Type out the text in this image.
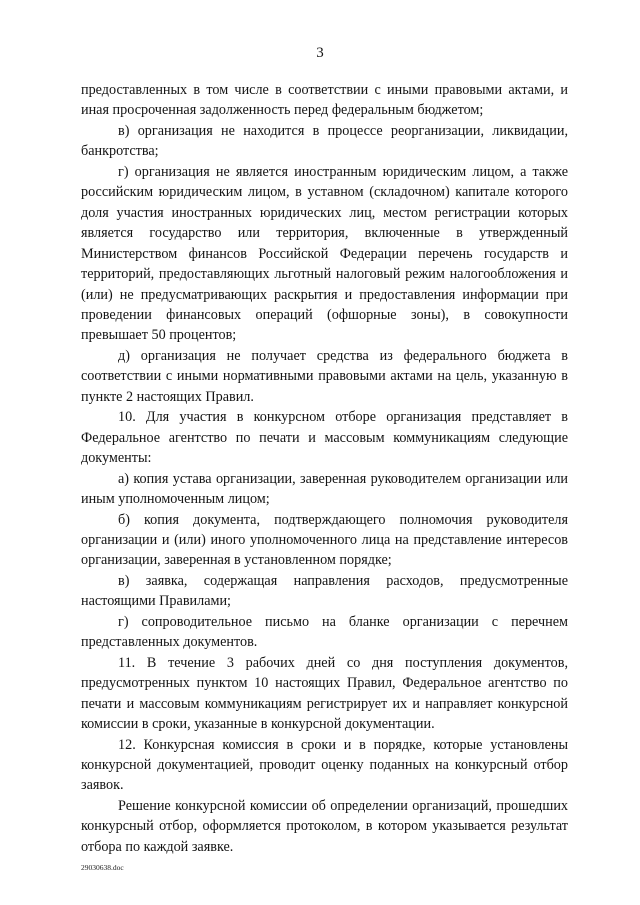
3

предоставленных в том числе в соответствии с иными правовыми актами, и иная просроченная задолженность перед федеральным бюджетом;

в) организация не находится в процессе реорганизации, ликвидации, банкротства;

г) организация не является иностранным юридическим лицом, а также российским юридическим лицом, в уставном (складочном) капитале которого доля участия иностранных юридических лиц, местом регистрации которых является государство или территория, включенные в утвержденный Министерством финансов Российской Федерации перечень государств и территорий, предоставляющих льготный налоговый режим налогообложения и (или) не предусматривающих раскрытия и предоставления информации при проведении финансовых операций (офшорные зоны), в совокупности превышает 50 процентов;

д) организация не получает средства из федерального бюджета в соответствии с иными нормативными правовыми актами на цель, указанную в пункте 2 настоящих Правил.

10. Для участия в конкурсном отборе организация представляет в Федеральное агентство по печати и массовым коммуникациям следующие документы:

а) копия устава организации, заверенная руководителем организации или иным уполномоченным лицом;

б) копия документа, подтверждающего полномочия руководителя организации и (или) иного уполномоченного лица на представление интересов организации, заверенная в установленном порядке;

в) заявка, содержащая направления расходов, предусмотренные настоящими Правилами;

г) сопроводительное письмо на бланке организации с перечнем представленных документов.

11. В течение 3 рабочих дней со дня поступления документов, предусмотренных пунктом 10 настоящих Правил, Федеральное агентство по печати и массовым коммуникациям регистрирует их и направляет конкурсной комиссии в сроки, указанные в конкурсной документации.

12. Конкурсная комиссия в сроки и в порядке, которые установлены конкурсной документацией, проводит оценку поданных на конкурсный отбор заявок.

Решение конкурсной комиссии об определении организаций, прошедших конкурсный отбор, оформляется протоколом, в котором указывается результат отбора по каждой заявке.

29030638.doc
